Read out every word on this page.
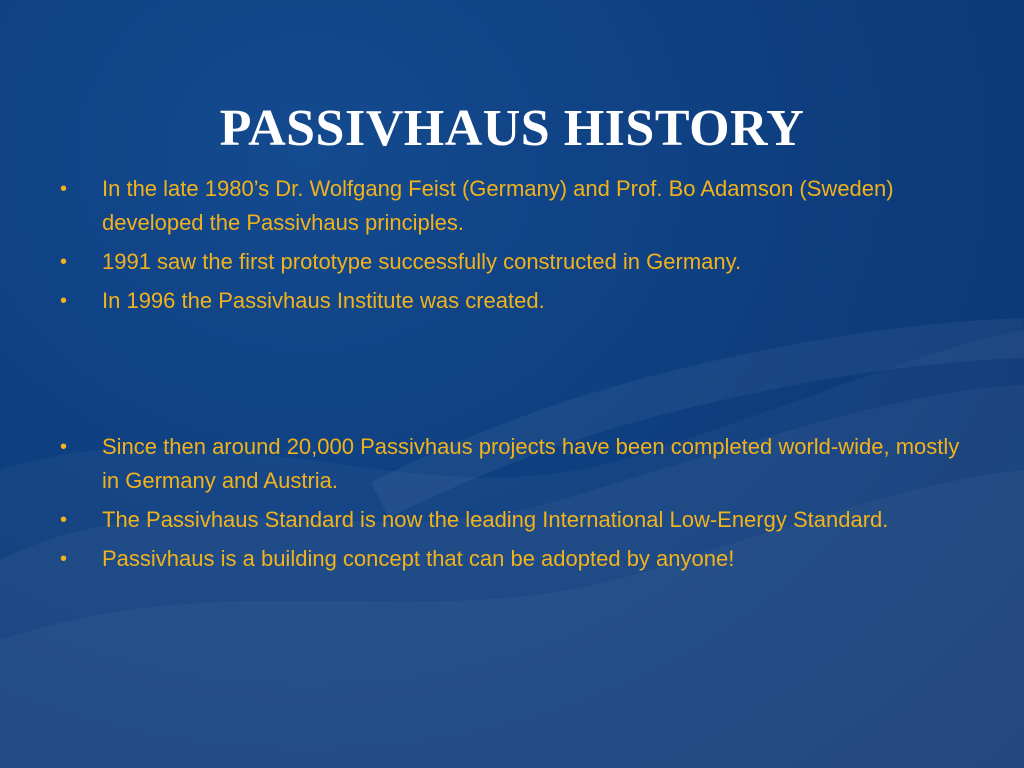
PASSIVHAUS HISTORY
•	In the late 1980’s Dr. Wolfgang Feist (Germany) and Prof. Bo Adamson (Sweden) developed the Passivhaus principles.
•	1991 saw the first prototype successfully constructed in Germany.
•	In 1996 the Passivhaus Institute was created.
•	Since then around 20,000 Passivhaus projects have been completed world-wide, mostly in Germany and Austria.
•	The Passivhaus Standard is now the leading International Low-Energy Standard.
•	Passivhaus is a building concept that can be adopted by anyone!
